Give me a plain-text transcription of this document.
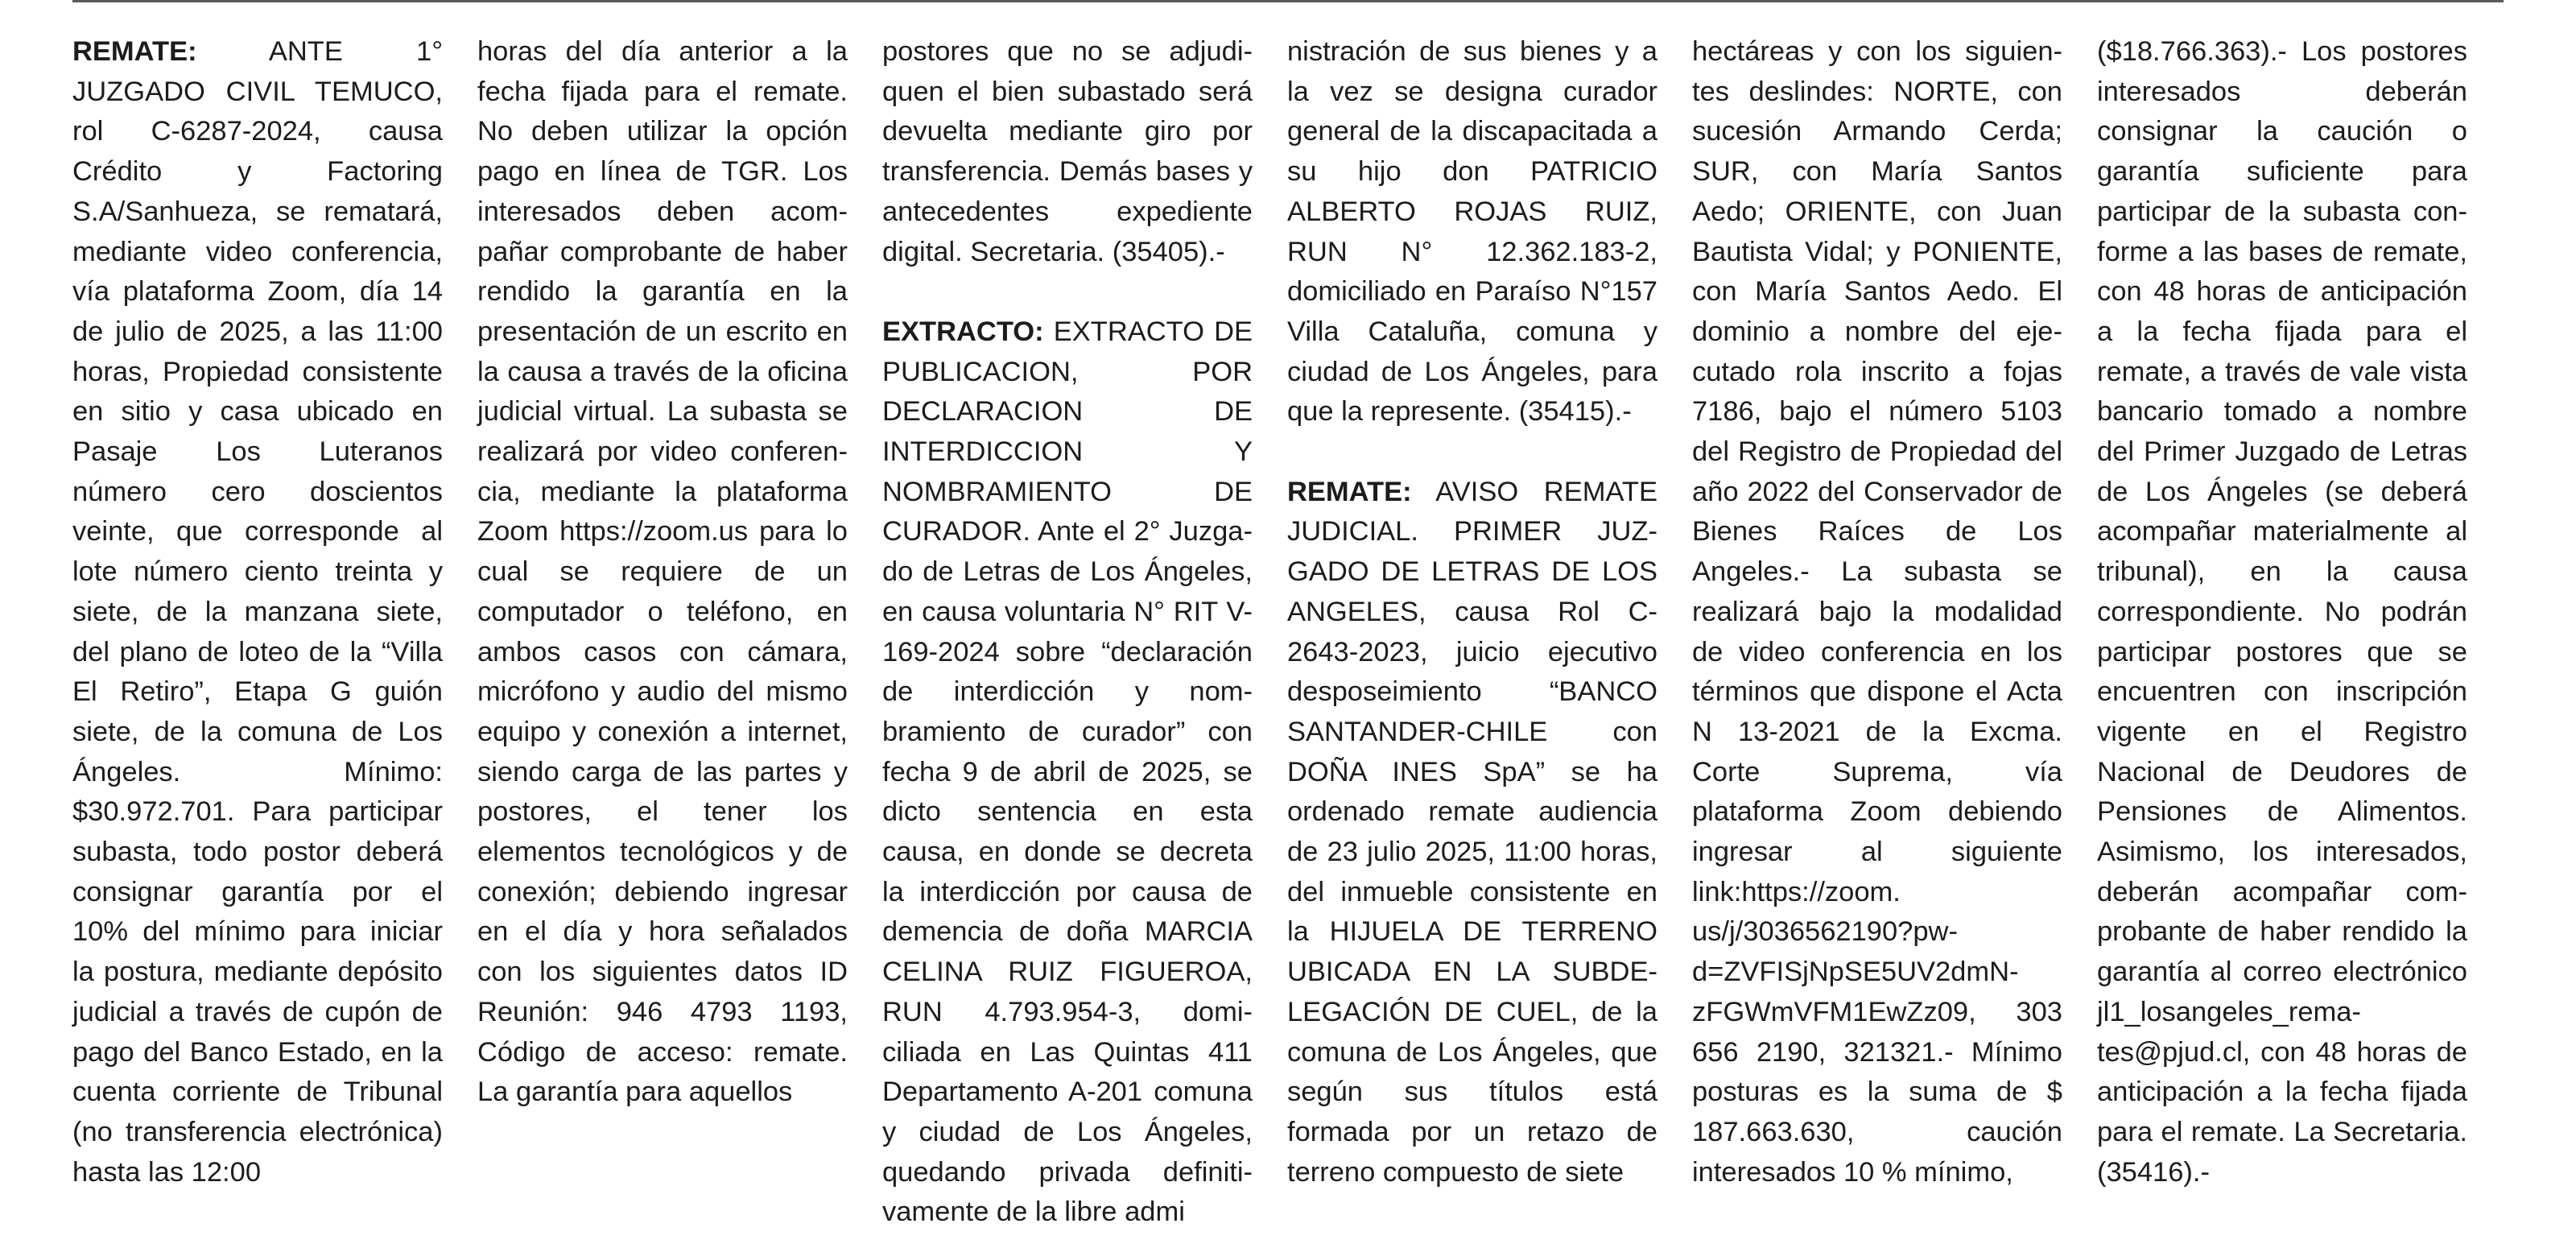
REMATE: ANTE 1° JUZGADO CIVIL TEMUCO, rol C-6287-2024, causa Crédito y Factoring S.A/Sanhueza, se rematará, mediante video conferencia, vía plataforma Zoom, día 14 de julio de 2025, a las 11:00 horas, Propiedad consistente en sitio y casa ubicado en Pasaje Los Luteranos número cero doscientos veinte, que corresponde al lote número ciento treinta y siete, de la manzana siete, del plano de loteo de la “Villa El Retiro”, Etapa G guión siete, de la comuna de Los Ángeles. Mínimo: $30.972.701. Para participar subasta, todo postor deberá consignar garantía por el 10% del mínimo para iniciar la postura, mediante depósito judicial a través de cupón de pago del Banco Estado, en la cuenta corriente de Tribunal (no transferencia electrónica) hasta las 12:00

horas del día anterior a la fecha fijada para el remate. No deben utilizar la opción pago en línea de TGR. Los interesados deben acompañar comprobante de haber rendido la garantía en la presentación de un escrito en la causa a través de la oficina judicial virtual. La subasta se realizará por video conferencia, mediante la plataforma Zoom https://zoom.us para lo cual se requiere de un computador o teléfono, en ambos casos con cámara, micrófono y audio del mismo equipo y conexión a internet, siendo carga de las partes y postores, el tener los elementos tecnológicos y de conexión; debiendo ingresar en el día y hora señalados con los siguientes datos ID Reunión: 946 4793 1193, Código de acceso: remate. La garantía para aquellos

postores que no se adjudiquen el bien subastado será devuelta mediante giro por transferencia. Demás bases y antecedentes expediente digital. Secretaria. (35405).-

EXTRACTO: EXTRACTO DE PUBLICACION, POR DECLARACION DE INTERDICCION Y NOMBRAMIENTO DE CURADOR. Ante el 2° Juzgado de Letras de Los Ángeles, en causa voluntaria N° RIT V-169-2024 sobre “declaración de interdicción y nombramiento de curador” con fecha 9 de abril de 2025, se dicto sentencia en esta causa, en donde se decreta la interdicción por causa de demencia de doña MARCIA CELINA RUIZ FIGUEROA, RUN 4.793.954-3, domiciliada en Las Quintas 411 Departamento A-201 comuna y ciudad de Los Ángeles, quedando privada definitivamente de la libre admi

nistración de sus bienes y a la vez se designa curador general de la discapacitada a su hijo don PATRICIO ALBERTO ROJAS RUIZ, RUN N° 12.362.183-2, domiciliado en Paraíso N°157 Villa Cataluña, comuna y ciudad de Los Ángeles, para que la represente. (35415).-

REMATE: AVISO REMATE JUDICIAL. PRIMER JUZGADO DE LETRAS DE LOS ANGELES, causa Rol C-2643-2023, juicio ejecutivo desposeimiento “BANCO SANTANDER-CHILE con DOÑA INES SpA” se ha ordenado remate audiencia de 23 julio 2025, 11:00 horas, del inmueble consistente en la HIJUELA DE TERRENO UBICADA EN LA SUBDELEGACIÓN DE CUEL, de la comuna de Los Ángeles, que según sus títulos está formada por un retazo de terreno compuesto de siete

hectáreas y con los siguientes deslindes: NORTE, con sucesión Armando Cerda; SUR, con María Santos Aedo; ORIENTE, con Juan Bautista Vidal; y PONIENTE, con María Santos Aedo. El dominio a nombre del ejecutado rola inscrito a fojas 7186, bajo el número 5103 del Registro de Propiedad del año 2022 del Conservador de Bienes Raíces de Los Angeles.- La subasta se realizará bajo la modalidad de video conferencia en los términos que dispone el Acta N 13-2021 de la Excma. Corte Suprema, vía plataforma Zoom debiendo ingresar al siguiente link:https://zoom. us/j/3036562190?pwd=ZVFISjNpSE5UV2dmNzFGWmVFM1EwZz09, 303 656 2190, 321321.- Mínimo posturas es la suma de $ 187.663.630, caución interesados 10 % mínimo,

($18.766.363).- Los postores interesados deberán consignar la caución o garantía suficiente para participar de la subasta conforme a las bases de remate, con 48 horas de anticipación a la fecha fijada para el remate, a través de vale vista bancario tomado a nombre del Primer Juzgado de Letras de Los Ángeles (se deberá acompañar materialmente al tribunal), en la causa correspondiente. No podrán participar postores que se encuentren con inscripción vigente en el Registro Nacional de Deudores de Pensiones de Alimentos. Asimismo, los interesados, deberán acompañar comprobante de haber rendido la garantía al correo electrónico jl1_losangeles_remates@pjud.cl, con 48 horas de anticipación a la fecha fijada para el remate. La Secretaria. (35416).-
